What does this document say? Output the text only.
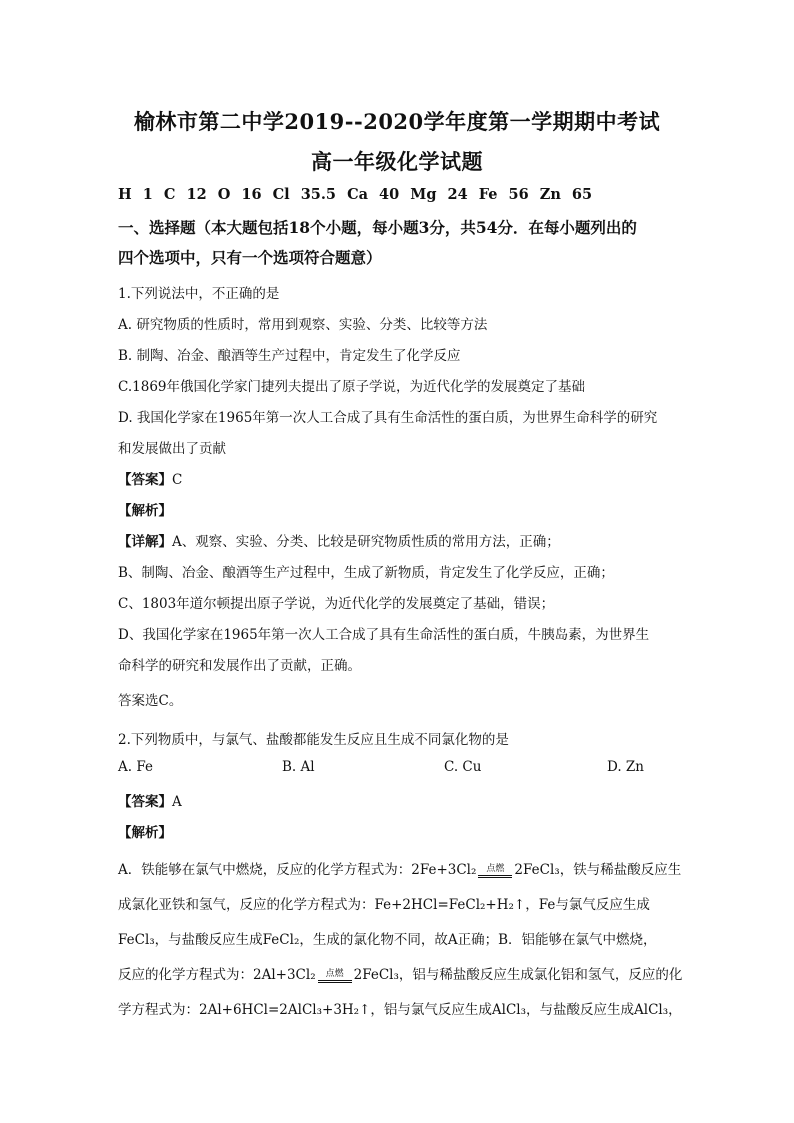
榆林市第二中学2019--2020学年度第一学期期中考试
高一年级化学试题
H 1 C 12 O 16 Cl 35.5 Ca 40 Mg 24 Fe 56 Zn 65
一、选择题（本大题包括18个小题，每小题3分，共54分．在每小题列出的
四个选项中，只有一个选项符合题意）
1.下列说法中，不正确的是
A. 研究物质的性质时，常用到观察、实验、分类、比较等方法
B. 制陶、冶金、酿酒等生产过程中，肯定发生了化学反应
C.1869年俄国化学家门捷列夫提出了原子学说，为近代化学的发展奠定了基础
D. 我国化学家在1965年第一次人工合成了具有生命活性的蛋白质，为世界生命科学的研究
和发展做出了贡献
【答案】C
【解析】
【详解】A、观察、实验、分类、比较是研究物质性质的常用方法，正确；
B、制陶、冶金、酿酒等生产过程中，生成了新物质，肯定发生了化学反应，正确；
C、1803年道尔顿提出原子学说，为近代化学的发展奠定了基础，错误；
D、我国化学家在1965年第一次人工合成了具有生命活性的蛋白质，牛胰岛素，为世界生
命科学的研究和发展作出了贡献，正确。
答案选C。
2.下列物质中，与氯气、盐酸都能发生反应且生成不同氯化物的是
A. Fe	B. Al	C. Cu	D. Zn
【答案】A
【解析】
A．铁能够在氯气中燃烧，反应的化学方程式为：2Fe+3Cl₂	点燃 2FeCl₃，铁与稀盐酸反应生
成氯化亚铁和氢气，反应的化学方程式为：Fe+2HCl=FeCl₂+H₂↑，Fe与氯气反应生成
FeCl₃，与盐酸反应生成FeCl₂，生成的氯化物不同，故A正确；B．铝能够在氯气中燃烧，
反应的化学方程式为：2Al+3Cl₂	点燃 2FeCl₃，铝与稀盐酸反应生成氯化铝和氢气，反应的化
学方程式为：2Al+6HCl=2AlCl₃+3H₂↑，铝与氯气反应生成AlCl₃，与盐酸反应生成AlCl₃，
